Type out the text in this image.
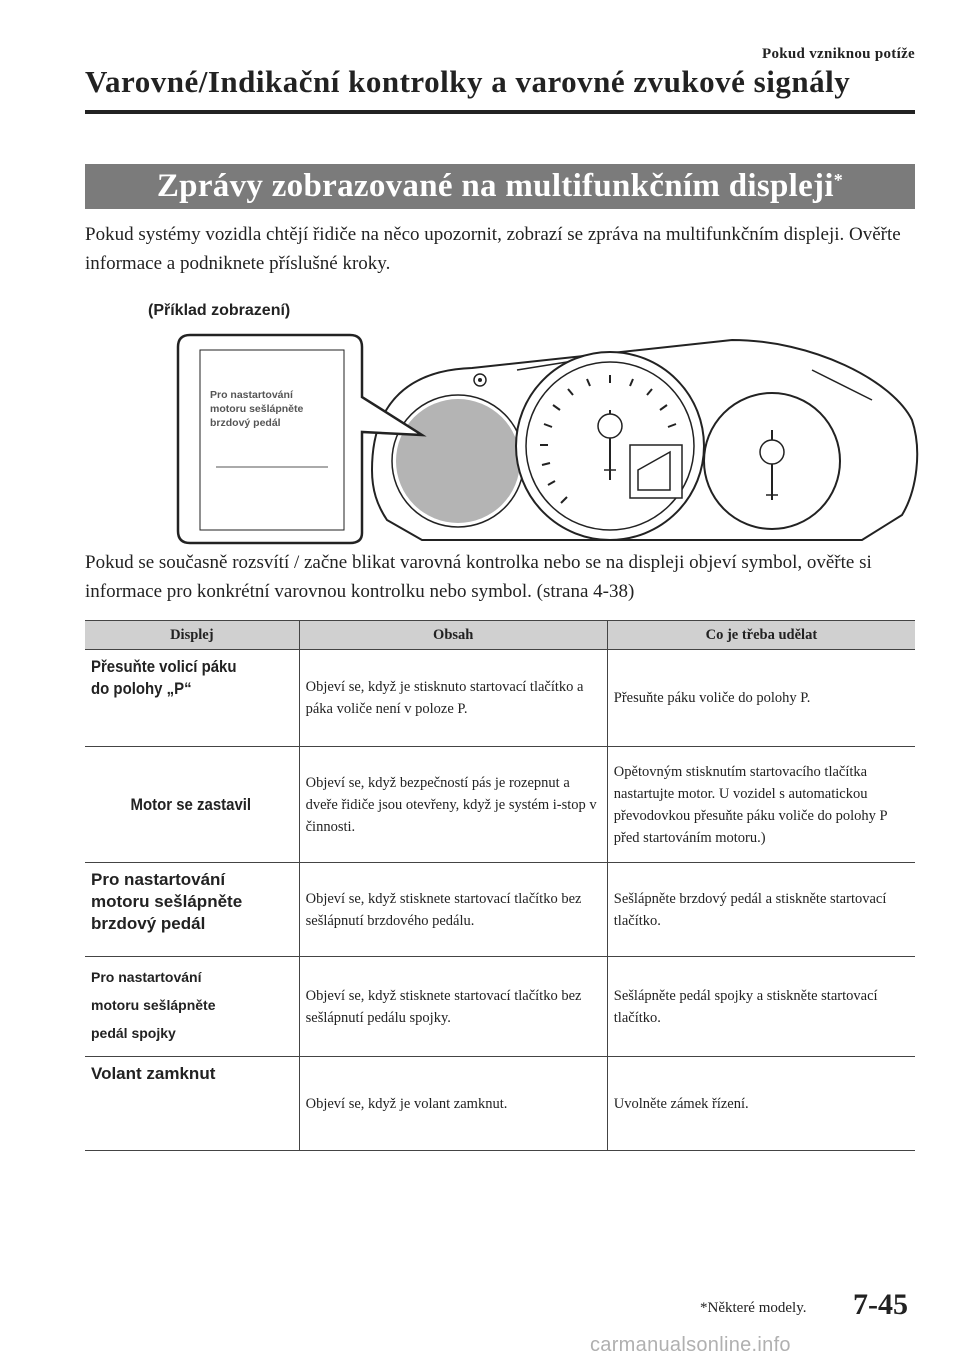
Pokud vzniknou potíže
Varovné/Indikační kontrolky a varovné zvukové signály
Zprávy zobrazované na multifunkčním displeji*

Pokud systémy vozidla chtějí řidiče na něco upozornit, zobrazí se zpráva na multifunkčním displeji. Ověřte informace a podniknete příslušné kroky.

(Příklad zobrazení)
Pro nastartování
motoru sešlápněte
brzdový pedál

Pokud se současně rozsvítí / začne blikat varovná kontrolka nebo se na displeji objeví symbol, ověřte si informace pro konkrétní varovnou kontrolku nebo symbol. (strana 4-38)

Displej	Obsah	Co je třeba udělat

Přesuňte volicí páku
do polohy „P“	Objeví se, když je stisknuto startovací tlačítko a páka voliče není v poloze P.	Přesuňte páku voliče do polohy P.

Motor se zastavil	Objeví se, když bezpečností pás je rozepnut a dveře řidiče jsou otevřeny, když je systém i-stop v činnosti.	Opětovným stisknutím startovacího tlačítka nastartujte motor. U vozidel s automatickou převodovkou přesuňte páku voliče do polohy P před startováním motoru.)

Pro nastartování
motoru sešlápněte
brzdový pedál	Objeví se, když stisknete startovací tlačítko bez sešlápnutí brzdového pedálu.	Sešlápněte brzdový pedál a stiskněte startovací tlačítko.

Pro nastartování
motoru sešlápněte
pedál spojky	Objeví se, když stisknete startovací tlačítko bez sešlápnutí pedálu spojky.	Sešlápněte pedál spojky a stiskněte startovací tlačítko.

Volant zamknut	Objeví se, když je volant zamknut.	Uvolněte zámek řízení.
*Některé modely. 7-45
carmanualsonline.info
